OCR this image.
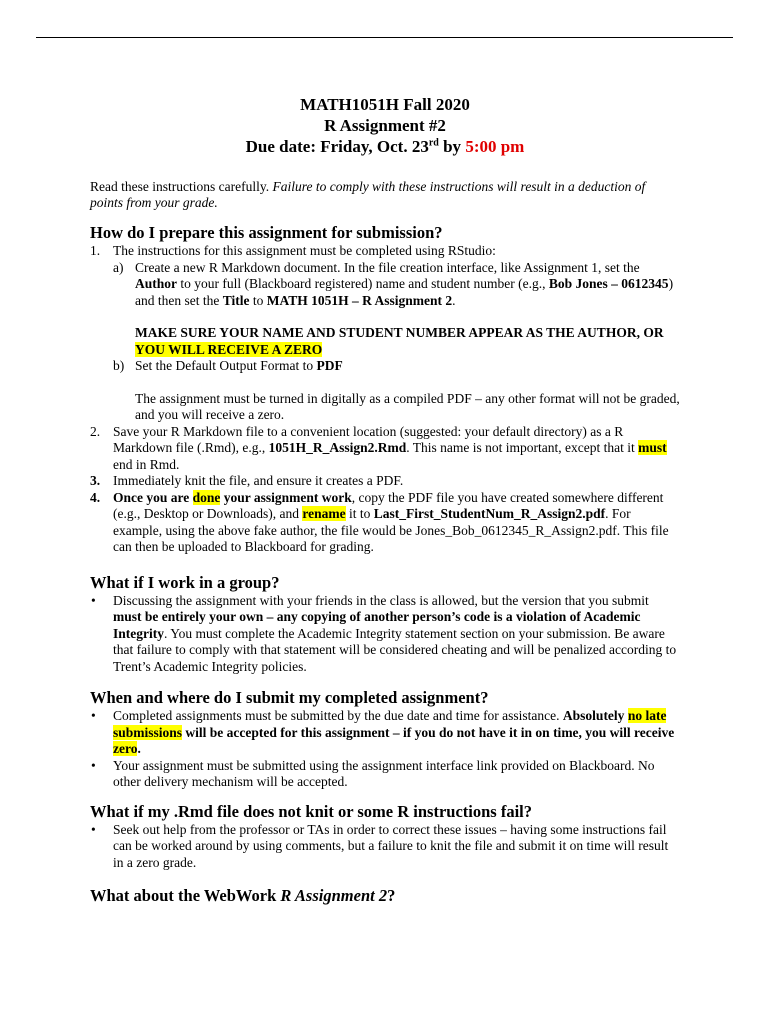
MATH1051H Fall 2020
R Assignment #2
Due date: Friday, Oct. 23rd by 5:00 pm
Read these instructions carefully. Failure to comply with these instructions will result in a deduction of points from your grade.
How do I prepare this assignment for submission?
1. The instructions for this assignment must be completed using RStudio:
a) Create a new R Markdown document. In the file creation interface, like Assignment 1, set the Author to your full (Blackboard registered) name and student number (e.g., Bob Jones – 0612345) and then set the Title to MATH 1051H – R Assignment 2.
MAKE SURE YOUR NAME AND STUDENT NUMBER APPEAR AS THE AUTHOR, OR YOU WILL RECEIVE A ZERO
b) Set the Default Output Format to PDF
The assignment must be turned in digitally as a compiled PDF – any other format will not be graded, and you will receive a zero.
2. Save your R Markdown file to a convenient location (suggested: your default directory) as a R Markdown file (.Rmd), e.g., 1051H_R_Assign2.Rmd. This name is not important, except that it must end in Rmd.
3. Immediately knit the file, and ensure it creates a PDF.
4. Once you are done your assignment work, copy the PDF file you have created somewhere different (e.g., Desktop or Downloads), and rename it to Last_First_StudentNum_R_Assign2.pdf. For example, using the above fake author, the file would be Jones_Bob_0612345_R_Assign2.pdf. This file can then be uploaded to Blackboard for grading.
What if I work in a group?
• Discussing the assignment with your friends in the class is allowed, but the version that you submit must be entirely your own – any copying of another person’s code is a violation of Academic Integrity. You must complete the Academic Integrity statement section on your submission. Be aware that failure to comply with that statement will be considered cheating and will be penalized according to Trent’s Academic Integrity policies.
When and where do I submit my completed assignment?
• Completed assignments must be submitted by the due date and time for assistance. Absolutely no late submissions will be accepted for this assignment – if you do not have it in on time, you will receive zero.
• Your assignment must be submitted using the assignment interface link provided on Blackboard. No other delivery mechanism will be accepted.
What if my .Rmd file does not knit or some R instructions fail?
• Seek out help from the professor or TAs in order to correct these issues – having some instructions fail can be worked around by using comments, but a failure to knit the file and submit it on time will result in a zero grade.
What about the WebWork R Assignment 2?
